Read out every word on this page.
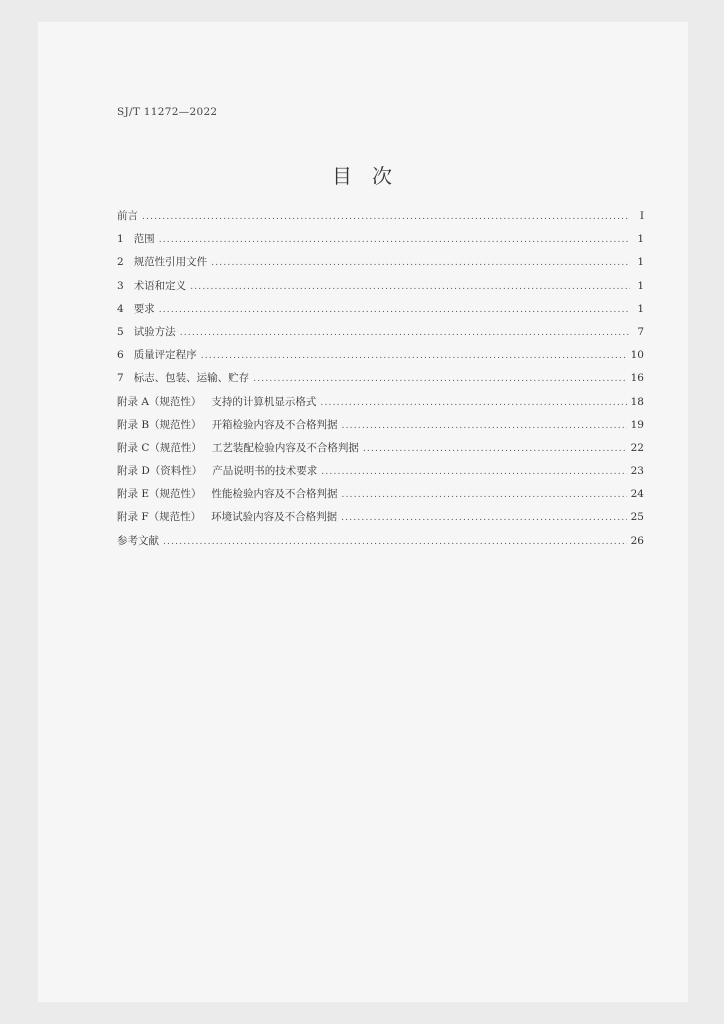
SJ/T 11272—2022
目　次
前言 .....	I
1 范围 .....	1
2 规范性引用文件 .....	1
3 术语和定义 .....	1
4 要求 .....	1
5 试验方法 .....	7
6 质量评定程序 .....	10
7 标志、包装、运输、贮存 .....	16
附录 A（规范性） 支持的计算机显示格式 .....	18
附录 B（规范性） 开箱检验内容及不合格判据 .....	19
附录 C（规范性） 工艺装配检验内容及不合格判据 .....	22
附录 D（资料性） 产品说明书的技术要求 .....	23
附录 E（规范性） 性能检验内容及不合格判据 .....	24
附录 F（规范性） 环境试验内容及不合格判据 .....	25
参考文献 .....	26
